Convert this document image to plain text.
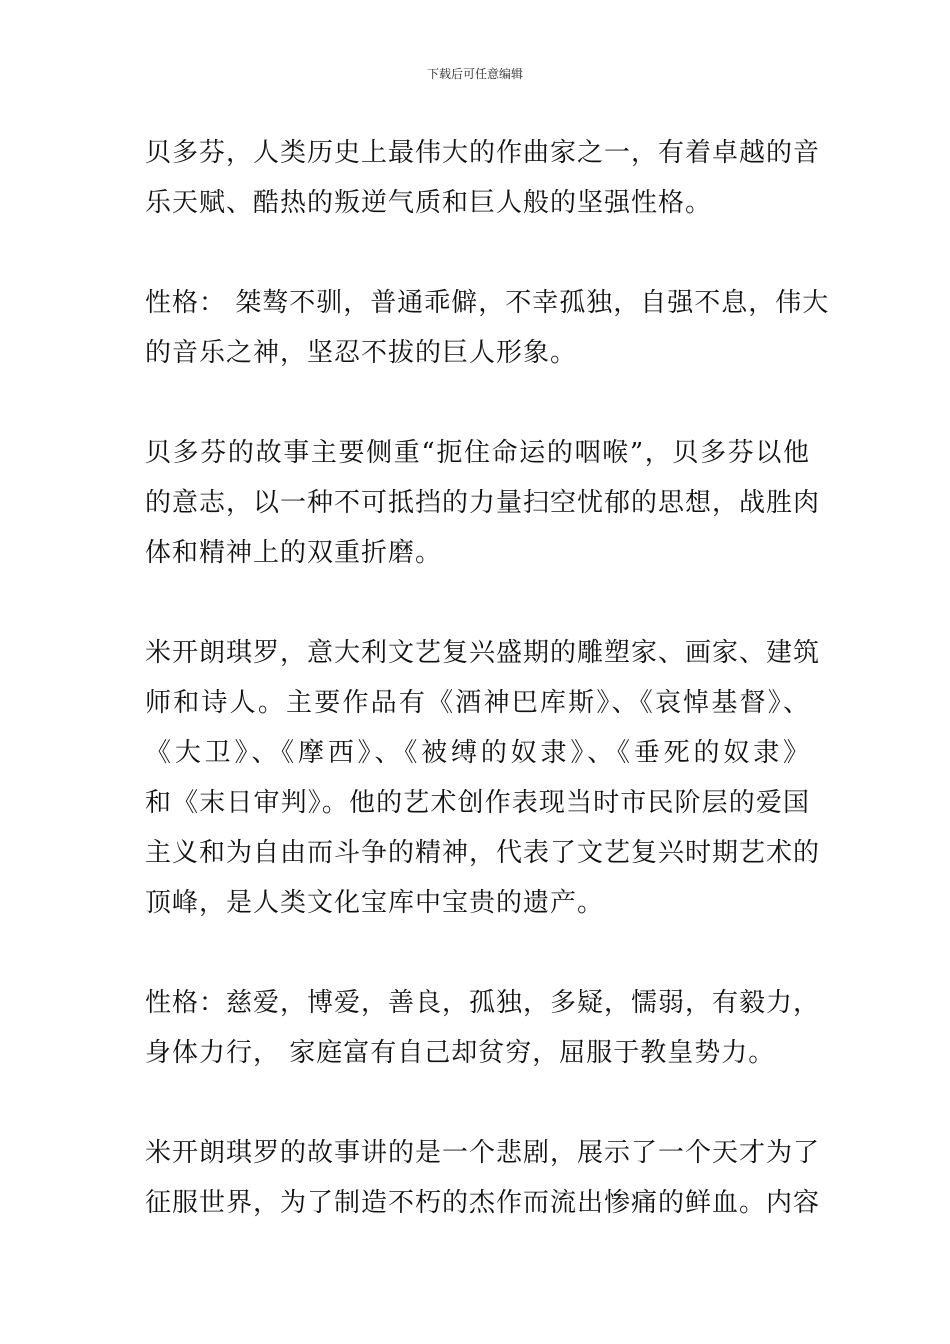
下载后可任意编辑
贝多芬，人类历史上最伟大的作曲家之一，有着卓越的音
乐天赋、酷热的叛逆气质和巨人般的坚强性格。
性格： 桀骜不驯，普通乖僻，不幸孤独，自强不息，伟大
的音乐之神，坚忍不拔的巨人形象。
贝多芬的故事主要侧重“扼住命运的咽喉”，贝多芬以他
的意志，以一种不可抵挡的力量扫空忧郁的思想，战胜肉
体和精神上的双重折磨。
米开朗琪罗，意大利文艺复兴盛期的雕塑家、画家、建筑
师和诗人。主要作品有《酒神巴库斯》、《哀悼基督》、
《大卫》、《摩西》、《被缚的奴隶》、《垂死的奴隶》
和《末日审判》。他的艺术创作表现当时市民阶层的爱国
主义和为自由而斗争的精神，代表了文艺复兴时期艺术的
顶峰，是人类文化宝库中宝贵的遗产。
性格：慈爱，博爱，善良，孤独，多疑，懦弱，有毅力，
身体力行， 家庭富有自己却贫穷，屈服于教皇势力。
米开朗琪罗的故事讲的是一个悲剧，展示了一个天才为了
征服世界，为了制造不朽的杰作而流出惨痛的鲜血。内容
